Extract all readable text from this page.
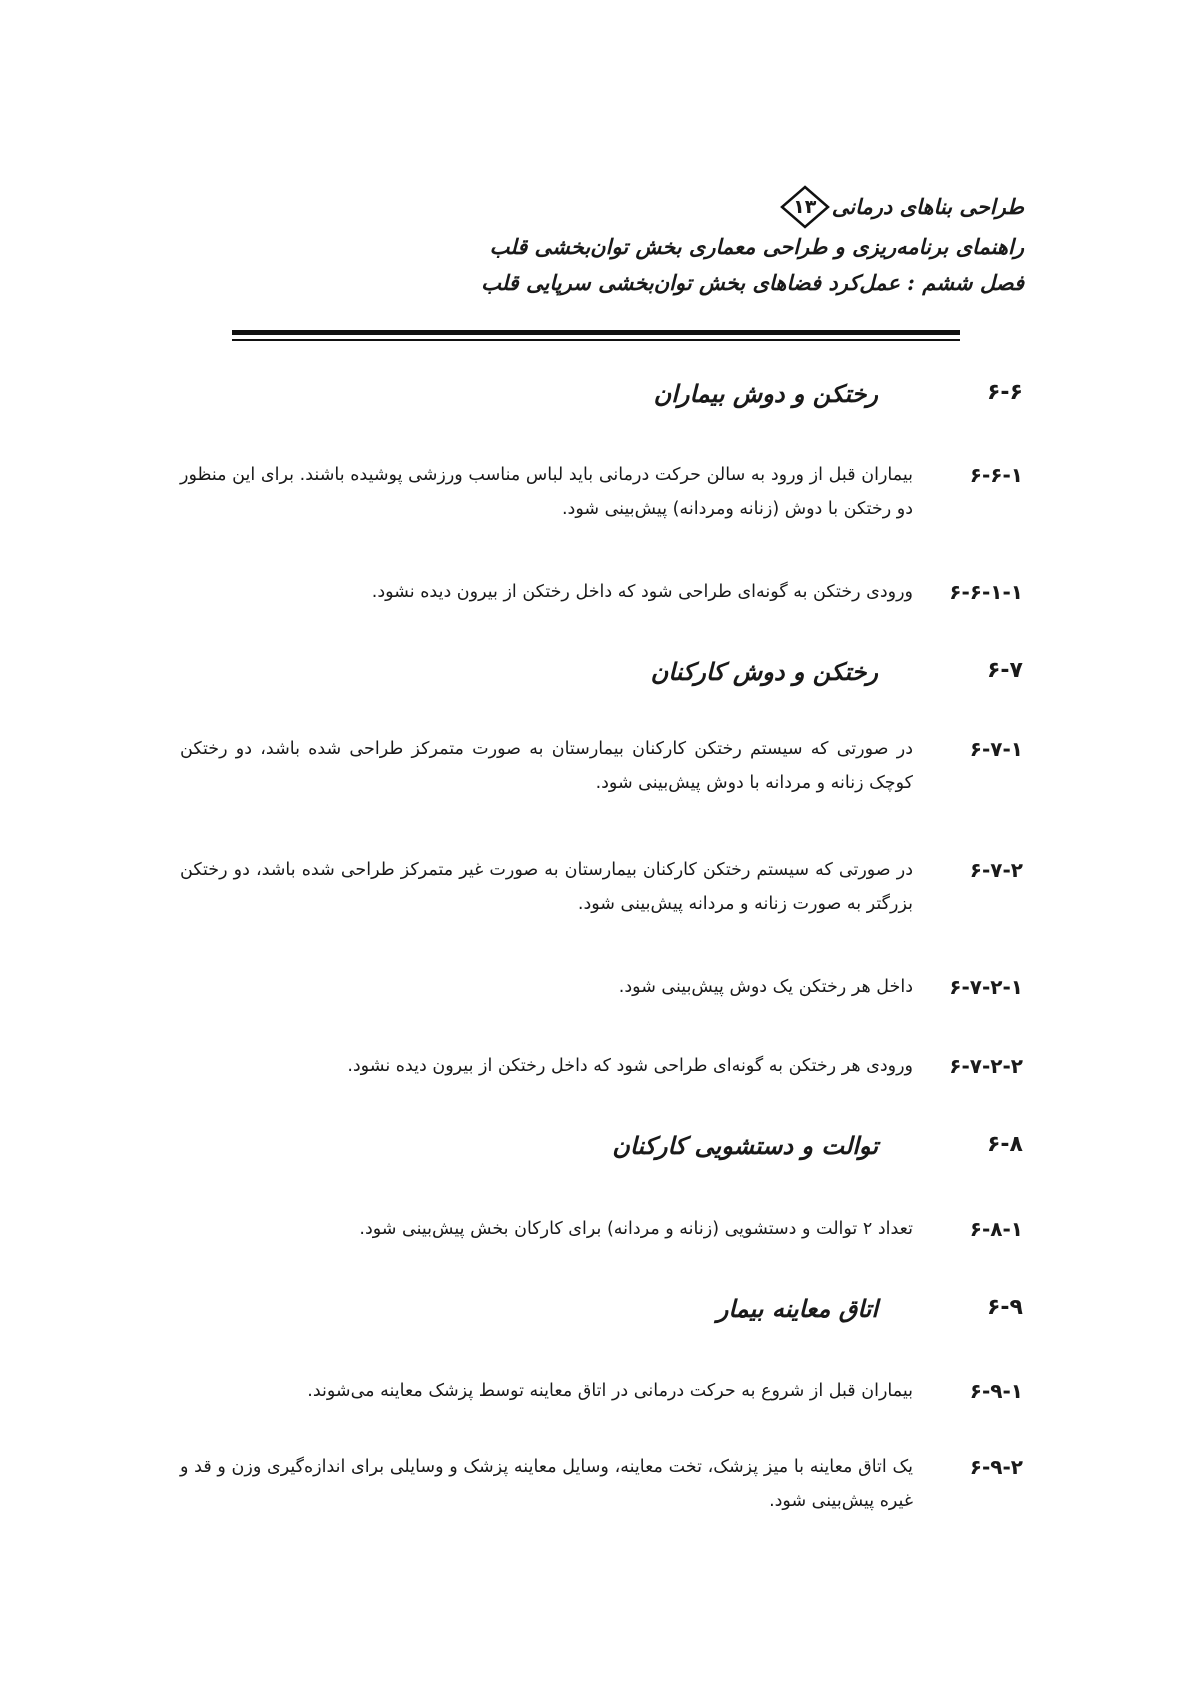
طراحی بناهای درمانی
۱۳
راهنمای برنامه‌ریزی و طراحی معماری بخش توان‌بخشی قلب
فصل ششم : عمل‌کرد فضاهای بخش توان‌بخشی سرپایی قلب
۶-۶
رختکن و دوش بیماران
۶-۶-۱
بیماران قبل از ورود به سالن حرکت درمانی باید لباس مناسب ورزشی پوشیده باشند. برای این منظور دو رختکن با دوش (زنانه ومردانه) پیش‌بینی شود.
۶-۶-۱-۱
ورودی رختکن به گونه‌ای طراحی شود که داخل رختکن از بیرون دیده نشود.
۶-۷
رختکن و دوش کارکنان
۶-۷-۱
در صورتی که سیستم رختکن کارکنان بیمارستان به صورت متمرکز طراحی شده باشد، دو رختکن کوچک زنانه و مردانه با دوش پیش‌بینی شود.
۶-۷-۲
در صورتی که سیستم رختکن کارکنان بیمارستان به صورت غیر متمرکز طراحی شده باشد، دو رختکن بزرگتر به صورت زنانه و مردانه پیش‌بینی شود.
۶-۷-۲-۱
داخل هر رختکن یک دوش پیش‌بینی شود.
۶-۷-۲-۲
ورودی هر رختکن به گونه‌ای طراحی شود که داخل رختکن از بیرون دیده نشود.
۶-۸
توالت و دستشویی کارکنان
۶-۸-۱
تعداد ۲ توالت و دستشویی (زنانه و مردانه) برای کارکان بخش پیش‌بینی شود.
۶-۹
اتاق معاینه بیمار
۶-۹-۱
بیماران قبل از شروع به حرکت درمانی در اتاق معاینه توسط پزشک معاینه می‌شوند.
۶-۹-۲
یک اتاق معاینه با میز پزشک، تخت معاینه، وسایل معاینه پزشک و وسایلی برای اندازه‌گیری وزن و قد و غیره پیش‌بینی شود.
